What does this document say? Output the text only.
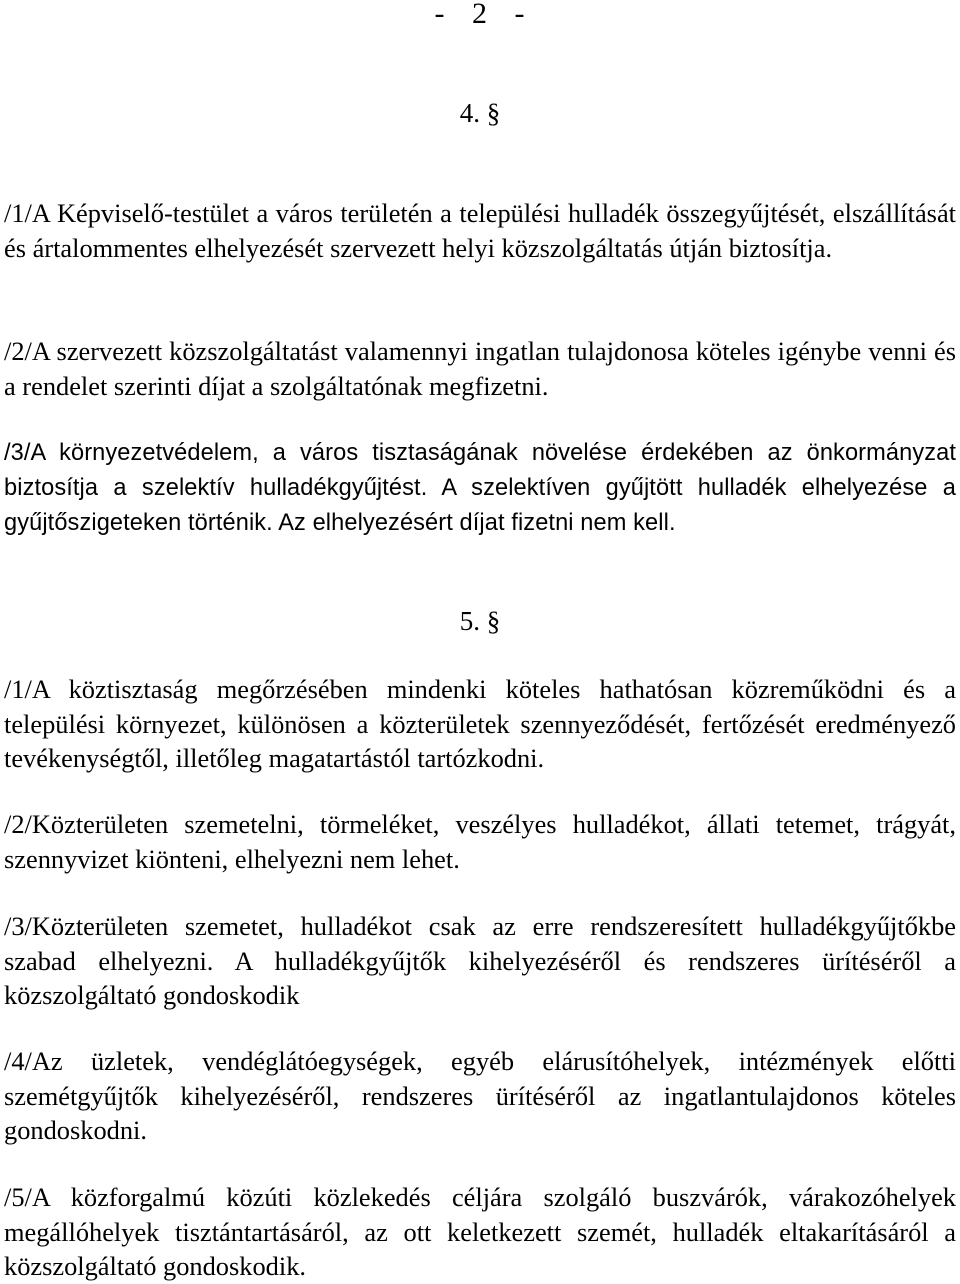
- 2 -
4. §

/1/A Képviselő-testület a város területén a települési hulladék összegyűjtését, elszállítását és ártalommentes elhelyezését szervezett helyi közszolgáltatás útján biztosítja.

/2/A szervezett közszolgáltatást valamennyi ingatlan tulajdonosa köteles igénybe venni és a rendelet szerinti díjat a szolgáltatónak megfizetni.

/3/A környezetvédelem, a város tisztaságának növelése érdekében az önkormányzat biztosítja a szelektív hulladékgyűjtést. A szelektíven gyűjtött hulladék elhelyezése a gyűjtőszigeteken történik. Az elhelyezésért díjat fizetni nem kell.

5. §

/1/A köztisztaság megőrzésében mindenki köteles hathatósan közreműködni és a települési környezet, különösen a közterületek szennyeződését, fertőzését eredményező tevékenységtől, illetőleg magatartástól tartózkodni.

/2/Közterületen szemetelni, törmeléket, veszélyes hulladékot, állati tetemet, trágyát, szennyvizet kiönteni, elhelyezni nem lehet.

/3/Közterületen szemetet, hulladékot csak az erre rendszeresített hulladékgyűjtőkbe szabad elhelyezni. A hulladékgyűjtők kihelyezéséről és rendszeres ürítéséről a közszolgáltató gondoskodik

/4/Az üzletek, vendéglátóegységek, egyéb elárusítóhelyek, intézmények előtti szemétgyűjtők kihelyezéséről, rendszeres ürítéséről az ingatlantulajdonos köteles gondoskodni.

/5/A közforgalmú közúti közlekedés céljára szolgáló buszvárók, várakozóhelyek megállóhelyek tisztántartásáról, az ott keletkezett szemét, hulladék eltakarításáról a közszolgáltató gondoskodik.
